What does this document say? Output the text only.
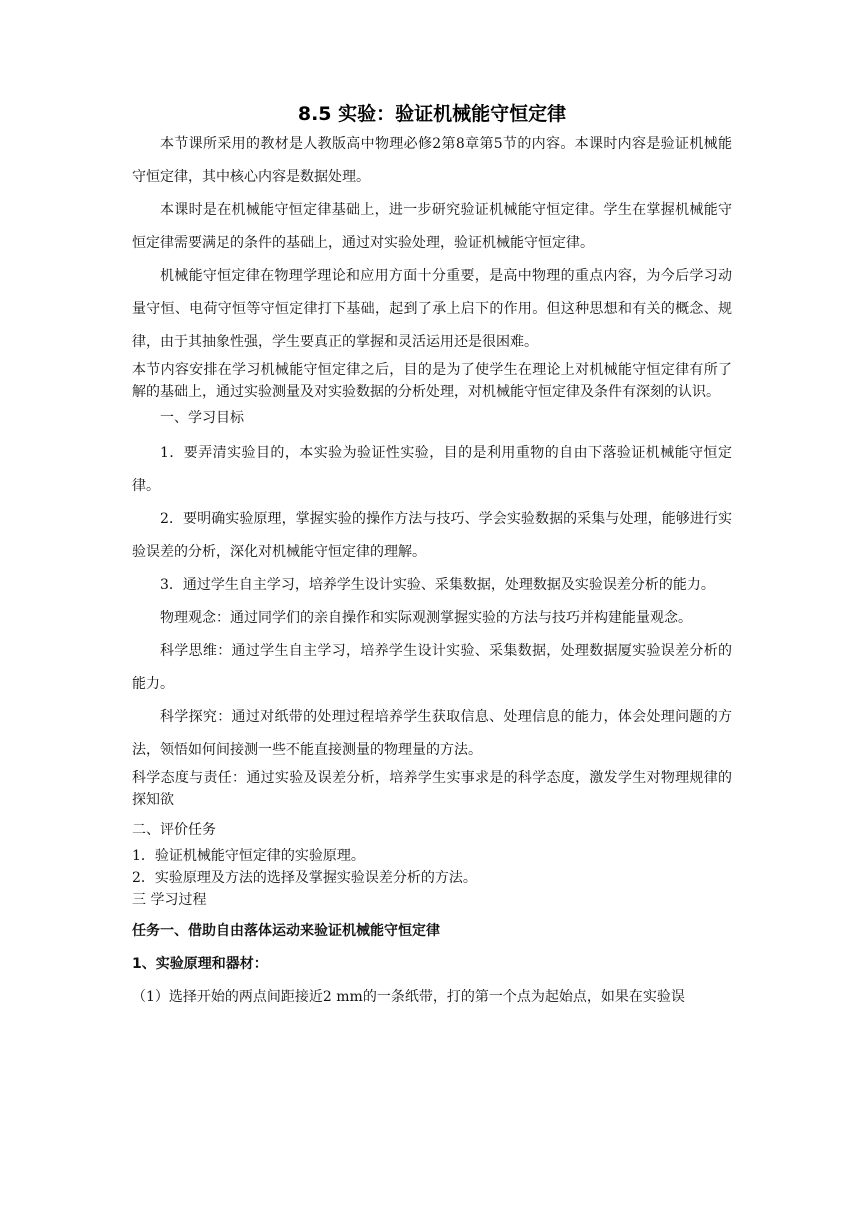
8.5 实验：验证机械能守恒定律

本节课所采用的教材是人教版高中物理必修2第8章第5节的内容。本课时内容是验证机械能守恒定律，其中核心内容是数据处理。

本课时是在机械能守恒定律基础上，进一步研究验证机械能守恒定律。学生在掌握机械能守恒定律需要满足的条件的基础上，通过对实验处理，验证机械能守恒定律。

机械能守恒定律在物理学理论和应用方面十分重要，是高中物理的重点内容，为今后学习动量守恒、电荷守恒等守恒定律打下基础，起到了承上启下的作用。但这种思想和有关的概念、规律，由于其抽象性强，学生要真正的掌握和灵活运用还是很困难。

本节内容安排在学习机械能守恒定律之后，目的是为了使学生在理论上对机械能守恒定律有所了解的基础上，通过实验测量及对实验数据的分析处理，对机械能守恒定律及条件有深刻的认识。

一、学习目标

1．要弄清实验目的，本实验为验证性实验，目的是利用重物的自由下落验证机械能守恒定律。

2．要明确实验原理，掌握实验的操作方法与技巧、学会实验数据的采集与处理，能够进行实验误差的分析，深化对机械能守恒定律的理解。

3．通过学生自主学习，培养学生设计实验、采集数据，处理数据及实验误差分析的能力。

物理观念：通过同学们的亲自操作和实际观测掌握实验的方法与技巧并构建能量观念。

科学思维：通过学生自主学习，培养学生设计实验、采集数据，处理数据厦实验误差分析的能力。

科学探究：通过对纸带的处理过程培养学生获取信息、处理信息的能力，体会处理问题的方法，领悟如何间接测一些不能直接测量的物理量的方法。

科学态度与责任：通过实验及误差分析，培养学生实事求是的科学态度，激发学生对物理规律的探知欲

二、评价任务

1．验证机械能守恒定律的实验原理。

2．实验原理及方法的选择及掌握实验误差分析的方法。

三 学习过程

任务一、借助自由落体运动来验证机械能守恒定律

1、实验原理和器材：

（1）选择开始的两点间距接近2 mm的一条纸带，打的第一个点为起始点，如果在实验误
